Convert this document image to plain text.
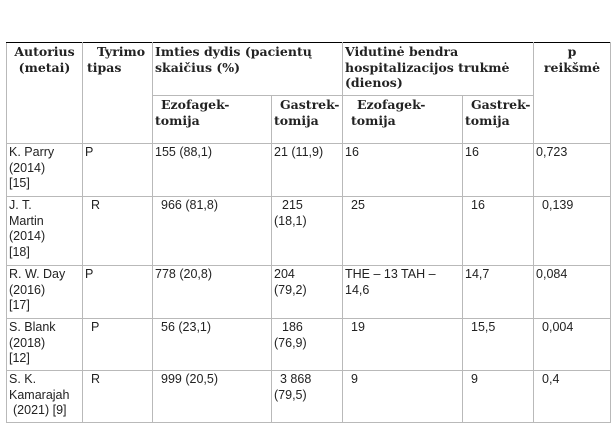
Autorius
(metai)	Tyrimo
tipas	Imties dydis (pacientų
skaičius (%)		Vidutinė bendra
hospitalizacijos trukmė
(dienos)		p
reikšmė

		Ezofagek-
tomija	Gastrek-
tomija	Ezofagek-
tomija	Gastrek-
tomija	

K. Parry
(2014)
[15]	P	155 (88,1)	21 (11,9)	16	16	0,723

J. T.
Martin
(2014)
[18]	R	966 (81,8)	215
(18,1)	25	16	0,139

R. W. Day
(2016)
[17]	P	778 (20,8)	204
(79,2)	THE – 13 TAH –
14,6	14,7	0,084

S. Blank
(2018)
[12]	P	56 (23,1)	186
(76,9)	19	15,5	0,004

S. K.
Kamarajah
(2021) [9]	R	999 (20,5)	3 868
(79,5)	9	9	0,4
